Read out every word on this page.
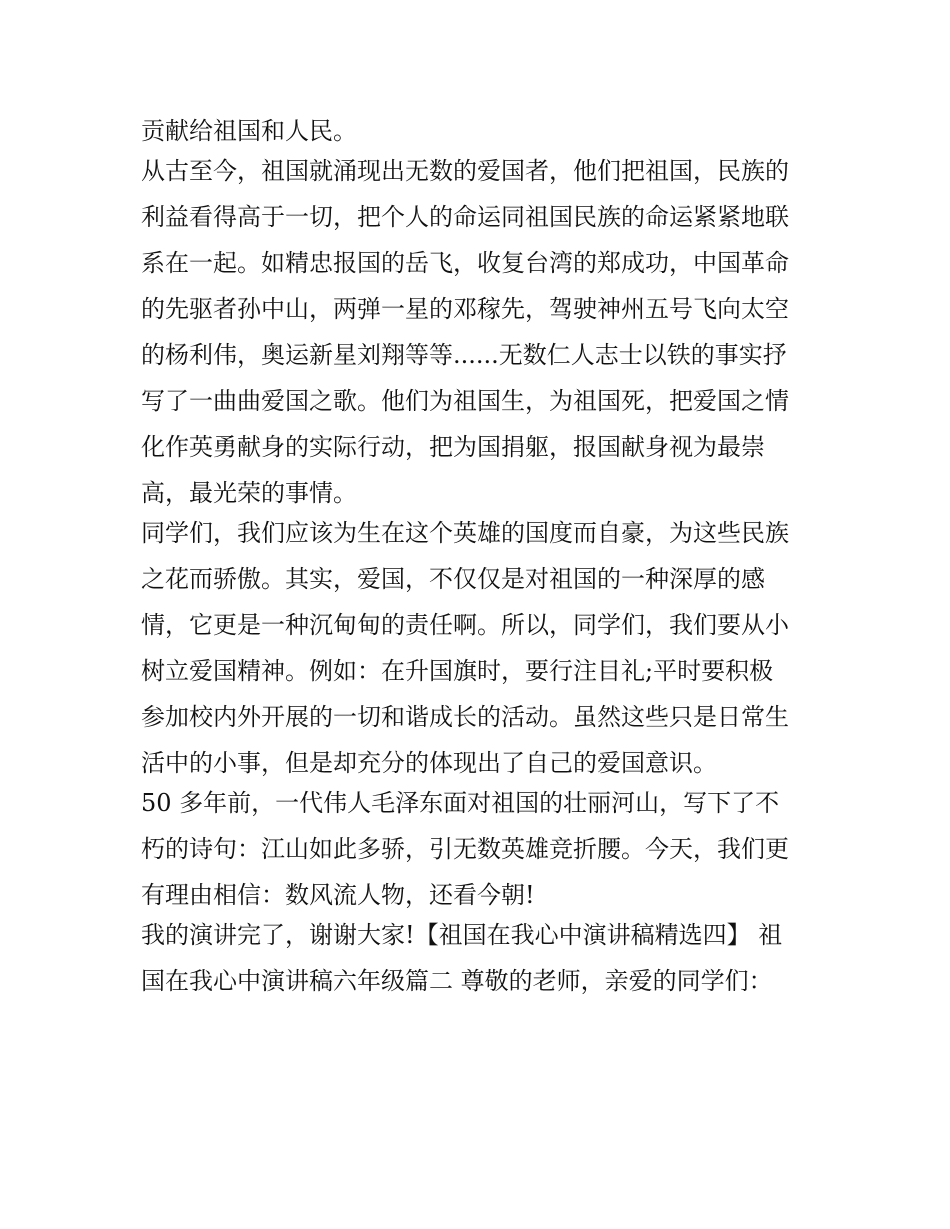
贡献给祖国和人民。
从古至今，祖国就涌现出无数的爱国者，他们把祖国，民族的
利益看得高于一切，把个人的命运同祖国民族的命运紧紧地联
系在一起。如精忠报国的岳飞，收复台湾的郑成功，中国革命
的先驱者孙中山，两弹一星的邓稼先，驾驶神州五号飞向太空
的杨利伟，奥运新星刘翔等等......无数仁人志士以铁的事实抒
写了一曲曲爱国之歌。他们为祖国生，为祖国死，把爱国之情
化作英勇献身的实际行动，把为国捐躯，报国献身视为最崇
高，最光荣的事情。
同学们，我们应该为生在这个英雄的国度而自豪，为这些民族
之花而骄傲。其实，爱国，不仅仅是对祖国的一种深厚的感
情，它更是一种沉甸甸的责任啊。所以，同学们，我们要从小
树立爱国精神。例如：在升国旗时，要行注目礼;平时要积极
参加校内外开展的一切和谐成长的活动。虽然这些只是日常生
活中的小事，但是却充分的体现出了自己的爱国意识。
50 多年前，一代伟人毛泽东面对祖国的壮丽河山，写下了不
朽的诗句：江山如此多骄，引无数英雄竞折腰。今天，我们更
有理由相信：数风流人物，还看今朝!
我的演讲完了，谢谢大家!【祖国在我心中演讲稿精选四】 祖
国在我心中演讲稿六年级篇二 尊敬的老师，亲爱的同学们：
